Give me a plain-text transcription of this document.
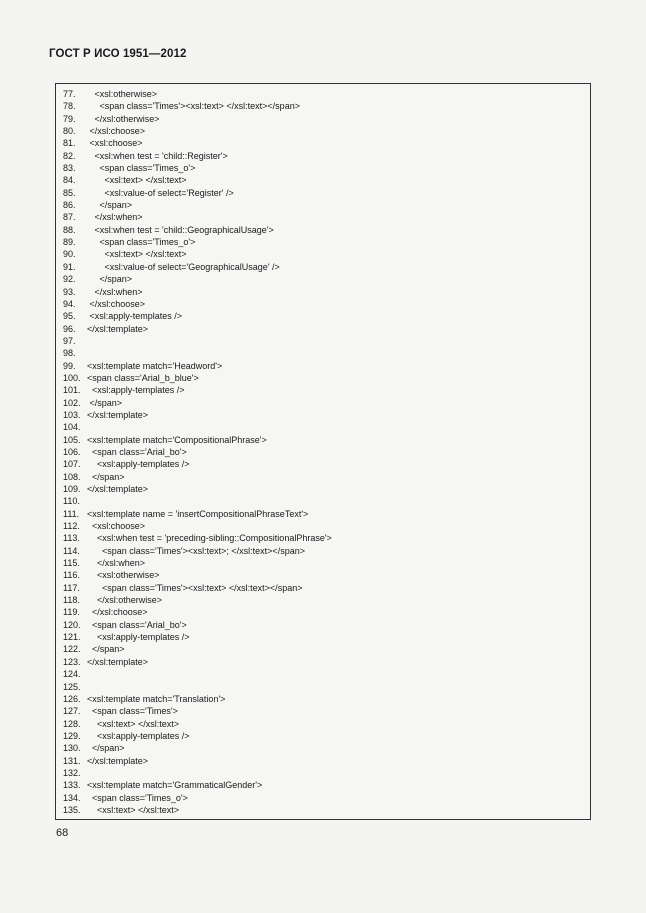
ГОСТ Р ИСО 1951—2012
77.   <xsl:otherwise>
78.     <span class='Times'><xsl:text> </xsl:text></span>
79.   </xsl:otherwise>
80. </xsl:choose>
81. <xsl:choose>
82.   <xsl:when test = 'child::Register'>
83.     <span class='Times_o'>
84.       <xsl:text> </xsl:text>
85.       <xsl:value-of select='Register' />
86.     </span>
87.   </xsl:when>
88.   <xsl:when test = 'child::GeographicalUsage'>
89.     <span class='Times_o'>
90.       <xsl:text> </xsl:text>
91.       <xsl:value-of select='GeographicalUsage' />
92.     </span>
93.   </xsl:when>
94. </xsl:choose>
95. <xsl:apply-templates />
96. </xsl:template>
97.
98.
99. <xsl:template match='Headword'>
100. <span class='Arial_b_blue'>
101.  <xsl:apply-templates />
102. </span>
103. </xsl:template>
104.
105. <xsl:template match='CompositionalPhrase'>
106.  <span class='Arial_bo'>
107.    <xsl:apply-templates />
108.  </span>
109. </xsl:template>
110.
111. <xsl:template name = 'insertCompositionalPhraseText'>
112.  <xsl:choose>
113.    <xsl:when test = 'preceding-sibling::CompositionalPhrase'>
114.      <span class='Times'><xsl:text>; </xsl:text></span>
115.    </xsl:when>
116.    <xsl:otherwise>
117.      <span class='Times'><xsl:text> </xsl:text></span>
118.    </xsl:otherwise>
119.  </xsl:choose>
120.  <span class='Arial_bo'>
121.    <xsl:apply-templates />
122.  </span>
123. </xsl:template>
124.
125.
126. <xsl:template match='Translation'>
127.  <span class='Times'>
128.    <xsl:text> </xsl:text>
129.    <xsl:apply-templates />
130.  </span>
131. </xsl:template>
132.
133. <xsl:template match='GrammaticalGender'>
134.  <span class='Times_o'>
135.    <xsl:text> </xsl:text>
68
